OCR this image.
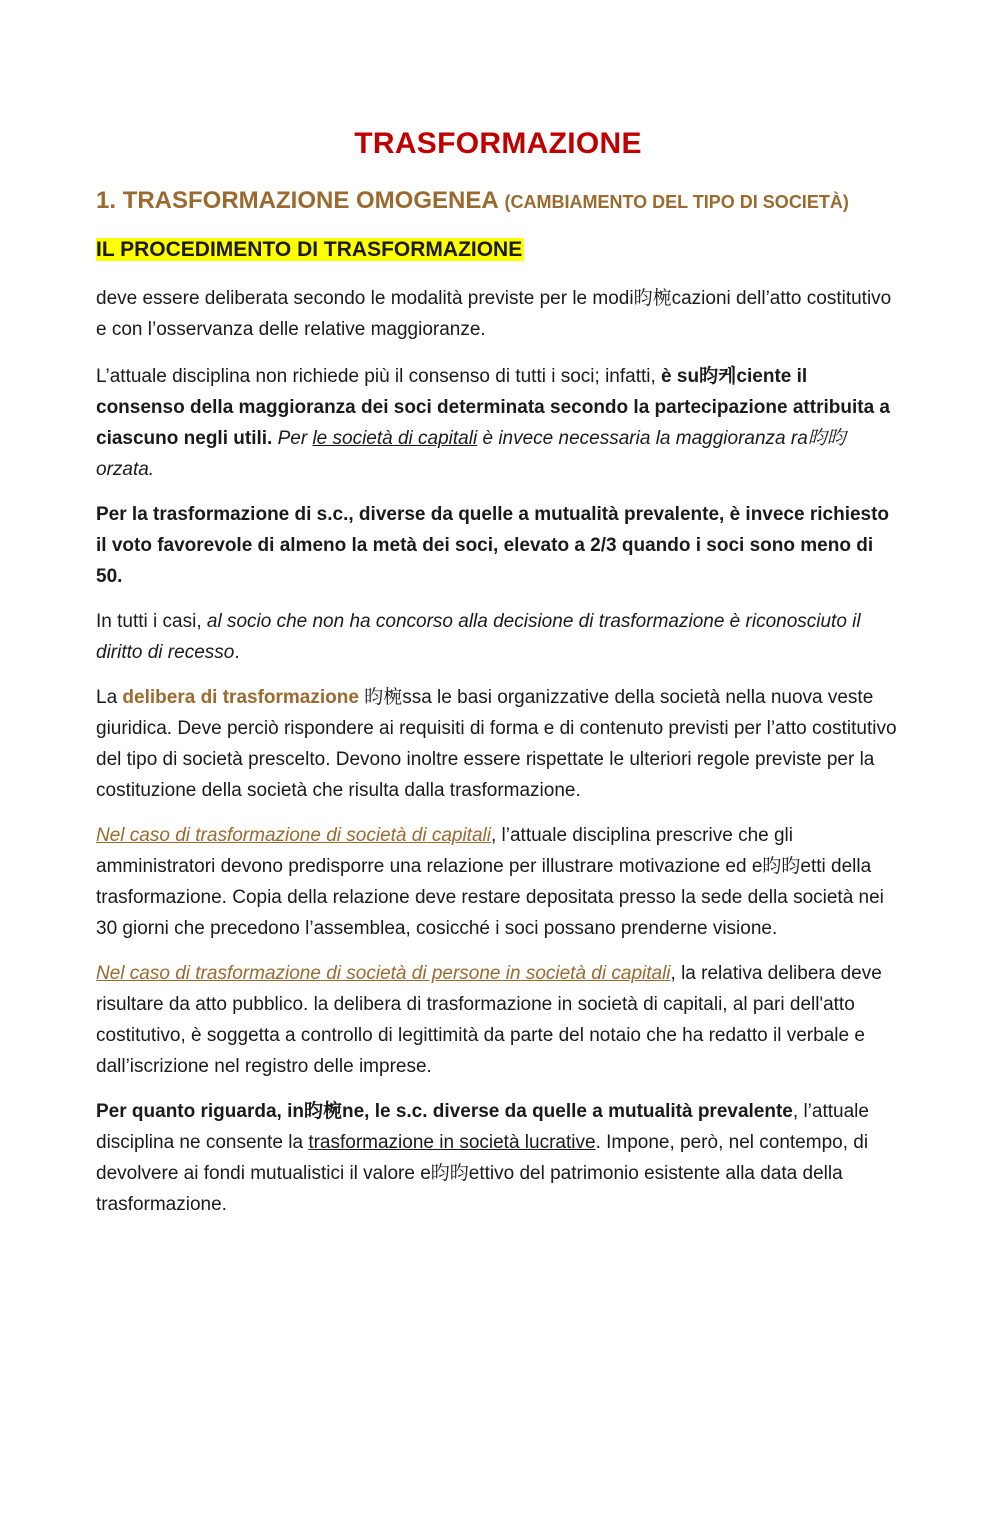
TRASFORMAZIONE
1. TRASFORMAZIONE OMOGENEA (CAMBIAMENTO DEL TIPO DI SOCIETÀ)
IL PROCEDIMENTO DI TRASFORMAZIONE

deve essere deliberata secondo le modalità previste per le modi昀椀cazioni dell’atto costitutivo e con l’osservanza delle relative maggioranze.

L’attuale disciplina non richiede più il consenso di tutti i soci; infatti, è su昀케ciente il consenso della maggioranza dei soci determinata secondo la partecipazione attribuita a ciascuno negli utili. Per le società di capitali è invece necessaria la maggioranza ra昀昀orzata.

Per la trasformazione di s.c., diverse da quelle a mutualità prevalente, è invece richiesto il voto favorevole di almeno la metà dei soci, elevato a 2/3 quando i soci sono meno di 50.

In tutti i casi, al socio che non ha concorso alla decisione di trasformazione è riconosciuto il diritto di recesso.

La delibera di trasformazione 昀椀ssa le basi organizzative della società nella nuova veste giuridica. Deve perciò rispondere ai requisiti di forma e di contenuto previsti per l’atto costitutivo del tipo di società prescelto. Devono inoltre essere rispettate le ulteriori regole previste per la costituzione della società che risulta dalla trasformazione.

Nel caso di trasformazione di società di capitali, l’attuale disciplina prescrive che gli amministratori devono predisporre una relazione per illustrare motivazione ed e昀昀etti della trasformazione. Copia della relazione deve restare depositata presso la sede della società nei 30 giorni che precedono l’assemblea, cosicché i soci possano prenderne visione.

Nel caso di trasformazione di società di persone in società di capitali, la relativa delibera deve risultare da atto pubblico. la delibera di trasformazione in società di capitali, al pari dell'atto costitutivo, è soggetta a controllo di legittimità da parte del notaio che ha redatto il verbale e dall’iscrizione nel registro delle imprese.

Per quanto riguarda, in昀椀ne, le s.c. diverse da quelle a mutualità prevalente, l’attuale disciplina ne consente la trasformazione in società lucrative. Impone, però, nel contempo, di devolvere ai fondi mutualistici il valore e昀昀ettivo del patrimonio esistente alla data della trasformazione.
